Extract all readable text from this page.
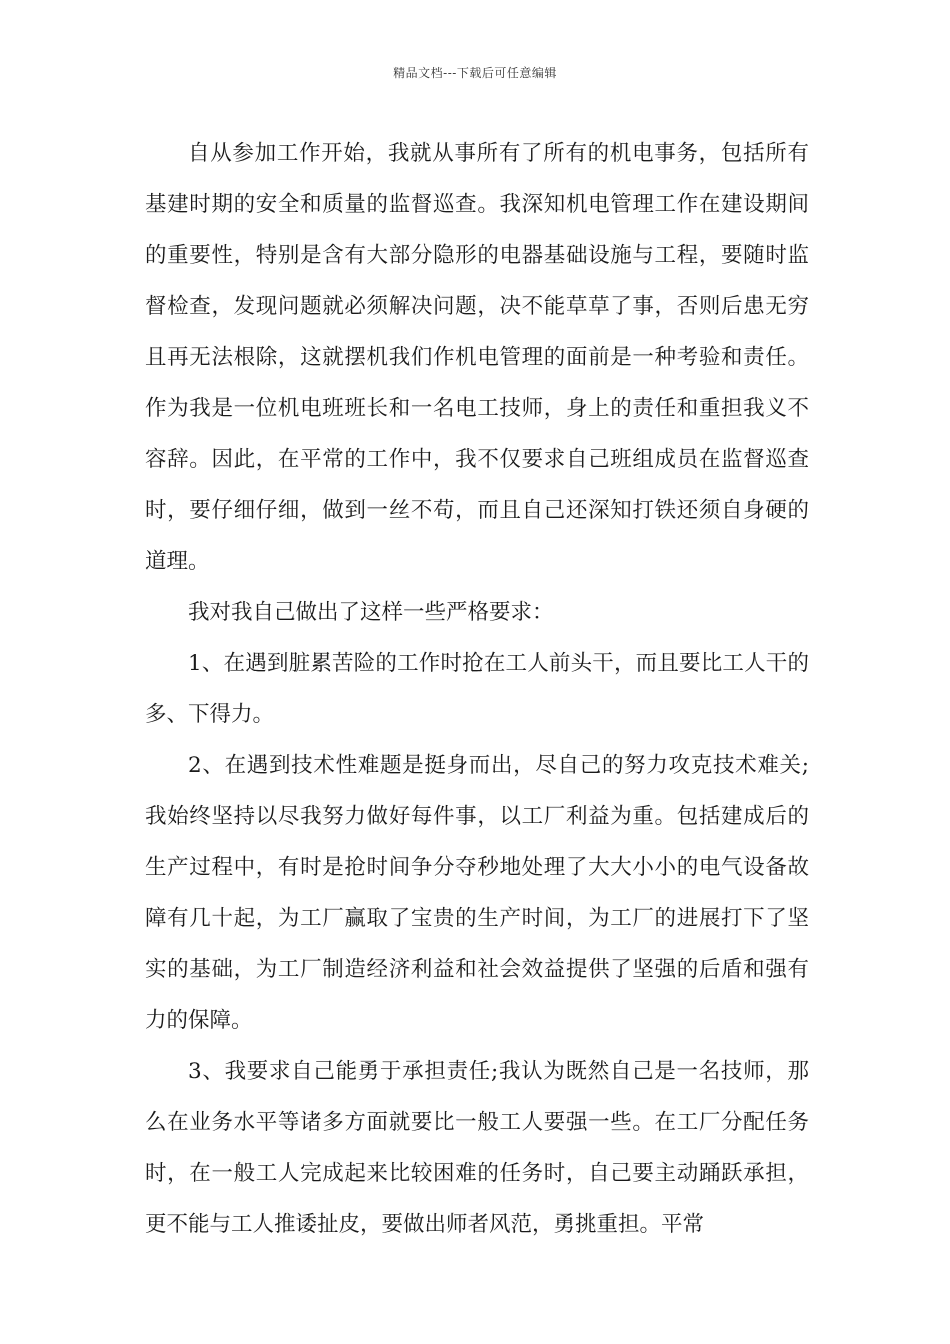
精品文档---下载后可任意编辑

自从参加工作开始，我就从事所有了所有的机电事务，包括所有基建时期的安全和质量的监督巡查。我深知机电管理工作在建设期间的重要性，特别是含有大部分隐形的电器基础设施与工程，要随时监督检查，发现问题就必须解决问题，决不能草草了事，否则后患无穷且再无法根除，这就摆机我们作机电管理的面前是一种考验和责任。作为我是一位机电班班长和一名电工技师，身上的责任和重担我义不容辞。因此，在平常的工作中，我不仅要求自己班组成员在监督巡查时，要仔细仔细，做到一丝不苟，而且自己还深知打铁还须自身硬的道理。

我对我自己做出了这样一些严格要求：

1、在遇到脏累苦险的工作时抢在工人前头干，而且要比工人干的多、下得力。

2、在遇到技术性难题是挺身而出，尽自己的努力攻克技术难关;我始终坚持以尽我努力做好每件事，以工厂利益为重。包括建成后的生产过程中，有时是抢时间争分夺秒地处理了大大小小的电气设备故障有几十起，为工厂赢取了宝贵的生产时间，为工厂的进展打下了坚实的基础，为工厂制造经济利益和社会效益提供了坚强的后盾和强有力的保障。

3、我要求自己能勇于承担责任;我认为既然自己是一名技师，那么在业务水平等诸多方面就要比一般工人要强一些。在工厂分配任务时，在一般工人完成起来比较困难的任务时，自己要主动踊跃承担，更不能与工人推诿扯皮，要做出师者风范，勇挑重担。平常
